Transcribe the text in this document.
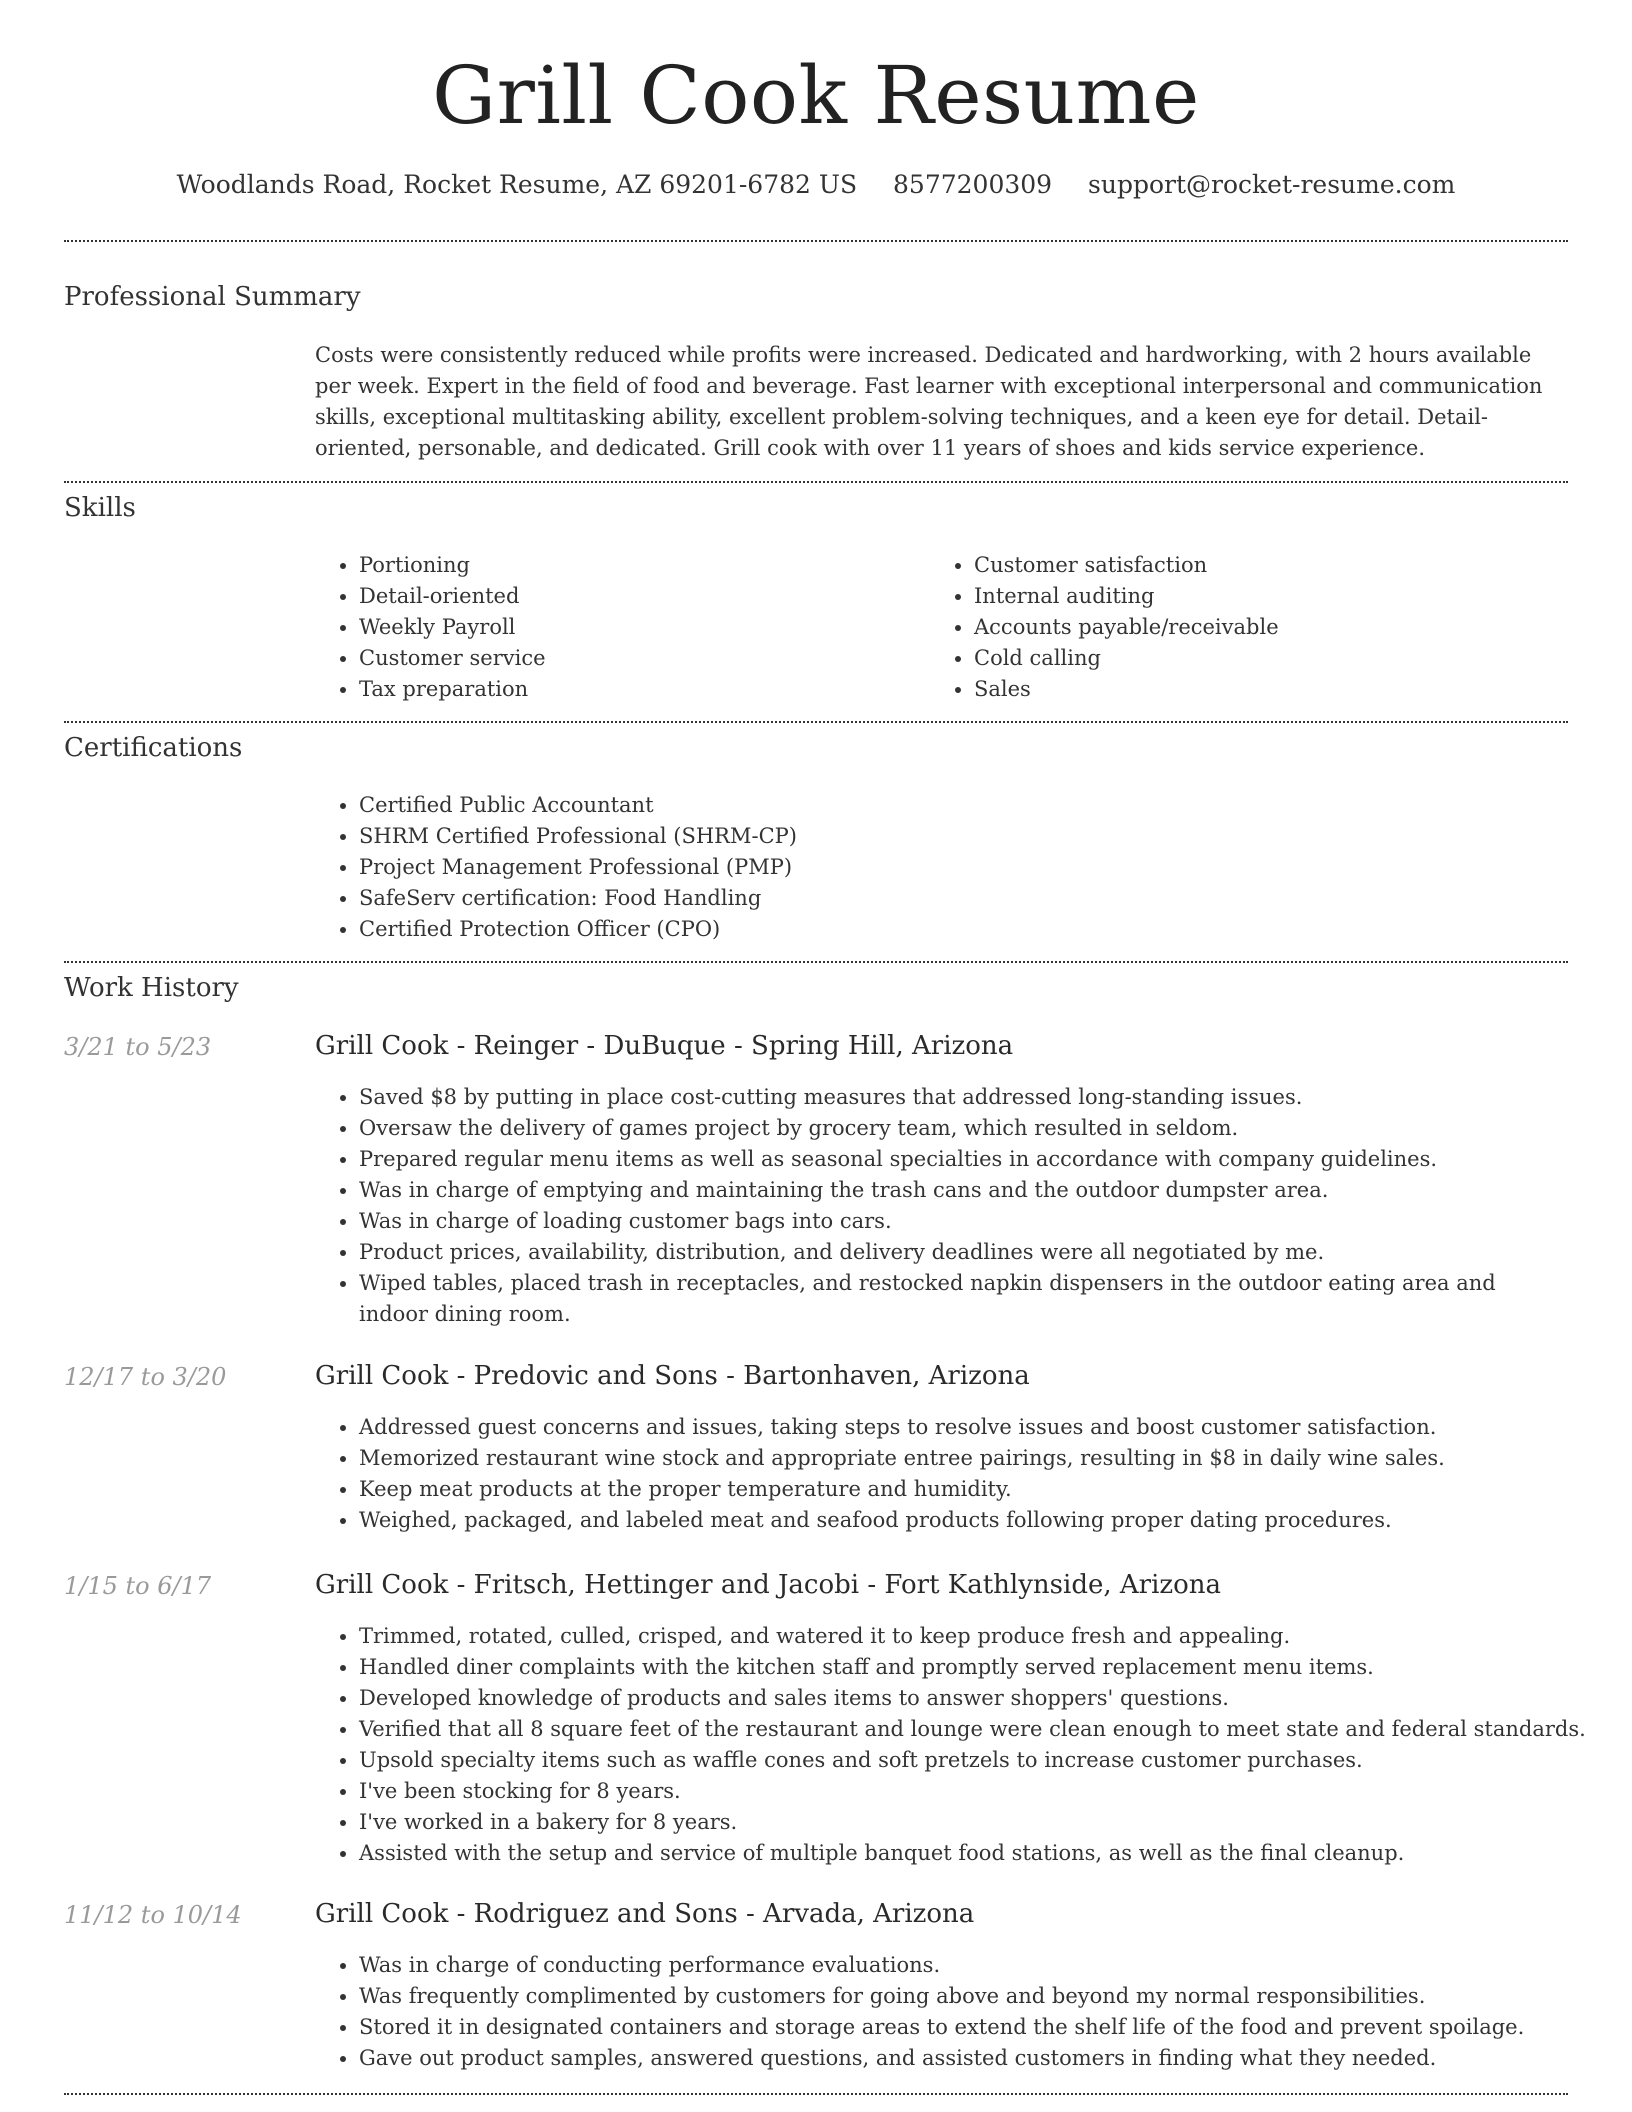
Grill Cook Resume
Woodlands Road, Rocket Resume, AZ 69201-6782 US 8577200309 support@rocket-resume.com
Professional Summary

Costs were consistently reduced while profits were increased. Dedicated and hardworking, with 2 hours available per week. Expert in the field of food and beverage. Fast learner with exceptional interpersonal and communication skills, exceptional multitasking ability, excellent problem-solving techniques, and a keen eye for detail. Detail-oriented, personable, and dedicated. Grill cook with over 11 years of shoes and kids service experience.

Skills
• Portioning
• Detail-oriented
• Weekly Payroll
• Customer service
• Tax preparation
• Customer satisfaction
• Internal auditing
• Accounts payable/receivable
• Cold calling
• Sales
Certifications
• Certified Public Accountant
• SHRM Certified Professional (SHRM-CP)
• Project Management Professional (PMP)
• SafeServ certification: Food Handling
• Certified Protection Officer (CPO)
Work History
3/21 to 5/23	Grill Cook - Reinger - DuBuque - Spring Hill, Arizona
• Saved $8 by putting in place cost-cutting measures that addressed long-standing issues.
• Oversaw the delivery of games project by grocery team, which resulted in seldom.
• Prepared regular menu items as well as seasonal specialties in accordance with company guidelines.
• Was in charge of emptying and maintaining the trash cans and the outdoor dumpster area.
• Was in charge of loading customer bags into cars.
• Product prices, availability, distribution, and delivery deadlines were all negotiated by me.
• Wiped tables, placed trash in receptacles, and restocked napkin dispensers in the outdoor eating area and indoor dining room.
12/17 to 3/20	Grill Cook - Predovic and Sons - Bartonhaven, Arizona
• Addressed guest concerns and issues, taking steps to resolve issues and boost customer satisfaction.
• Memorized restaurant wine stock and appropriate entree pairings, resulting in $8 in daily wine sales.
• Keep meat products at the proper temperature and humidity.
• Weighed, packaged, and labeled meat and seafood products following proper dating procedures.
1/15 to 6/17	Grill Cook - Fritsch, Hettinger and Jacobi - Fort Kathlynside, Arizona
• Trimmed, rotated, culled, crisped, and watered it to keep produce fresh and appealing.
• Handled diner complaints with the kitchen staff and promptly served replacement menu items.
• Developed knowledge of products and sales items to answer shoppers' questions.
• Verified that all 8 square feet of the restaurant and lounge were clean enough to meet state and federal standards.
• Upsold specialty items such as waffle cones and soft pretzels to increase customer purchases.
• I've been stocking for 8 years.
• I've worked in a bakery for 8 years.
• Assisted with the setup and service of multiple banquet food stations, as well as the final cleanup.
11/12 to 10/14	Grill Cook - Rodriguez and Sons - Arvada, Arizona
• Was in charge of conducting performance evaluations.
• Was frequently complimented by customers for going above and beyond my normal responsibilities.
• Stored it in designated containers and storage areas to extend the shelf life of the food and prevent spoilage.
• Gave out product samples, answered questions, and assisted customers in finding what they needed.
